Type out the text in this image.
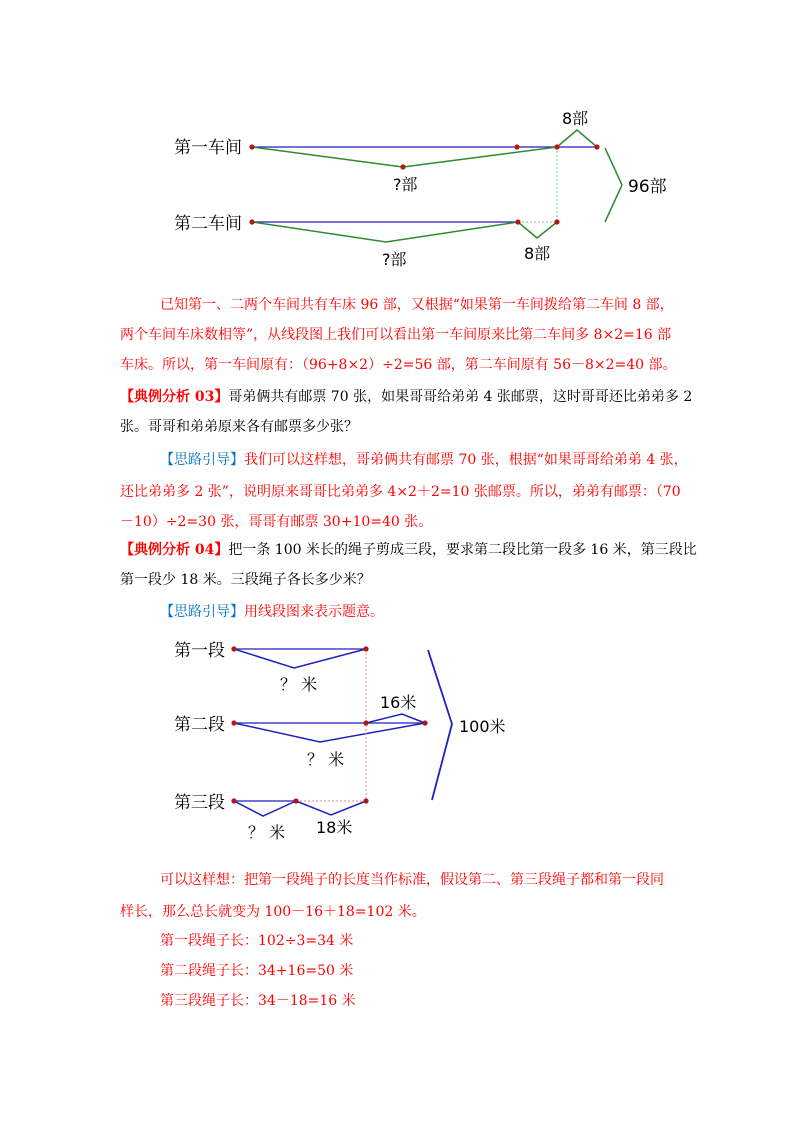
第一车间
第二车间
?部
?部
8部
8部
96部
已知第一、二两个车间共有车床 96 部，又根据“如果第一车间拨给第二车间 8 部，
两个车间车床数相等”，从线段图上我们可以看出第一车间原来比第二车间多 8×2=16 部
车床。所以，第一车间原有：（96+8×2）÷2=56 部，第二车间原有 56－8×2=40 部。
【典例分析 03】哥弟俩共有邮票 70 张，如果哥哥给弟弟 4 张邮票，这时哥哥还比弟弟多 2
张。哥哥和弟弟原来各有邮票多少张？
【思路引导】我们可以这样想，哥弟俩共有邮票 70 张，根据“如果哥哥给弟弟 4 张，
还比弟弟多 2 张”，说明原来哥哥比弟弟多 4×2＋2=10 张邮票。所以，弟弟有邮票：（70
－10）÷2=30 张，哥哥有邮票 30+10=40 张。
【典例分析 04】把一条 100 米长的绳子剪成三段，要求第二段比第一段多 16 米，第三段比
第一段少 18 米。三段绳子各长多少米？
【思路引导】用线段图来表示题意。
第一段
第二段
第三段
？ 米
？ 米
？ 米
16米
18米
100米
可以这样想：把第一段绳子的长度当作标准，假设第二、第三段绳子都和第一段同
样长，那么总长就变为 100－16＋18=102 米。
第一段绳子长：102÷3=34 米
第二段绳子长：34+16=50 米
第三段绳子长：34－18=16 米
